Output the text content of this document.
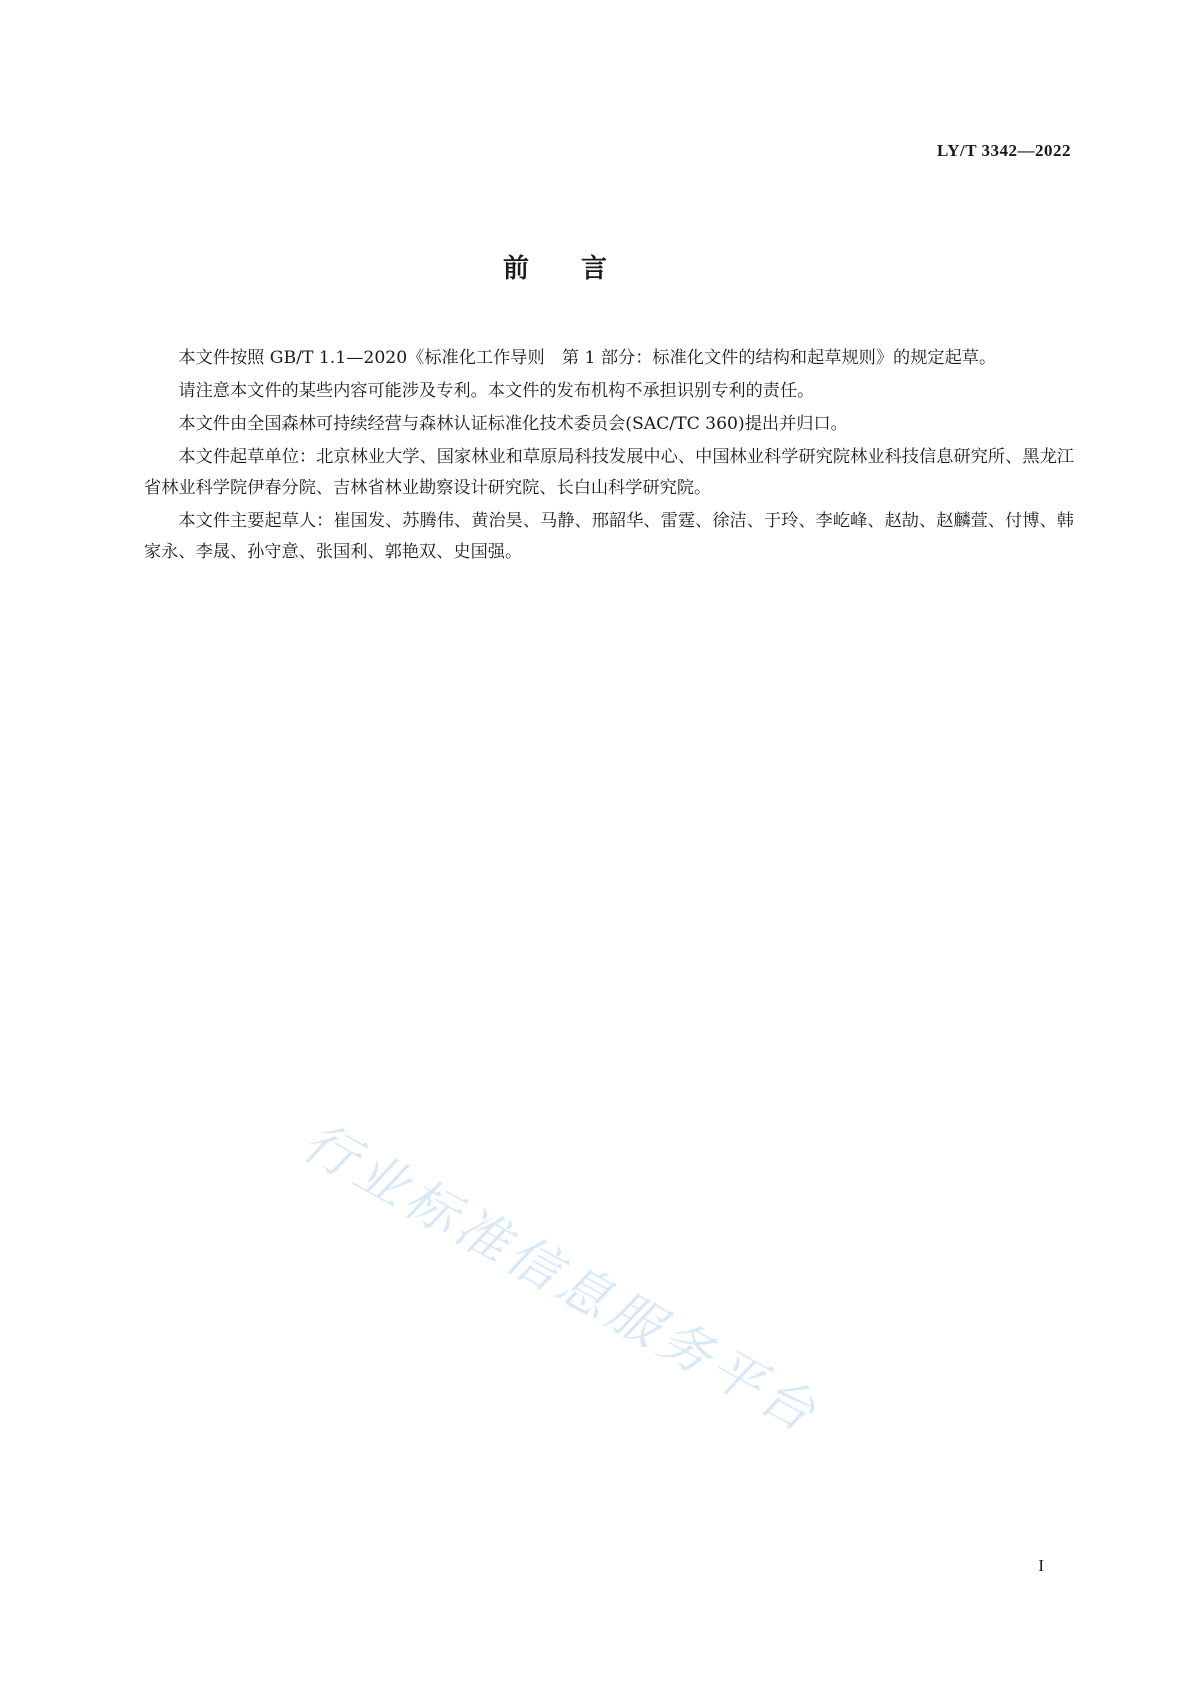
LY/T 3342—2022
前言

本文件按照 GB/T 1.1—2020《标准化工作导则　第 1 部分：标准化文件的结构和起草规则》的规定起草。

请注意本文件的某些内容可能涉及专利。本文件的发布机构不承担识别专利的责任。

本文件由全国森林可持续经营与森林认证标准化技术委员会(SAC/TC 360)提出并归口。

本文件起草单位：北京林业大学、国家林业和草原局科技发展中心、中国林业科学研究院林业科技信息研究所、黑龙江省林业科学院伊春分院、吉林省林业勘察设计研究院、长白山科学研究院。

本文件主要起草人：崔国发、苏腾伟、黄治昊、马静、邢韶华、雷霆、徐洁、于玲、李屹峰、赵劼、赵麟萱、付博、韩家永、李晟、孙守意、张国利、郭艳双、史国强。

行业标准信息服务平台
I
